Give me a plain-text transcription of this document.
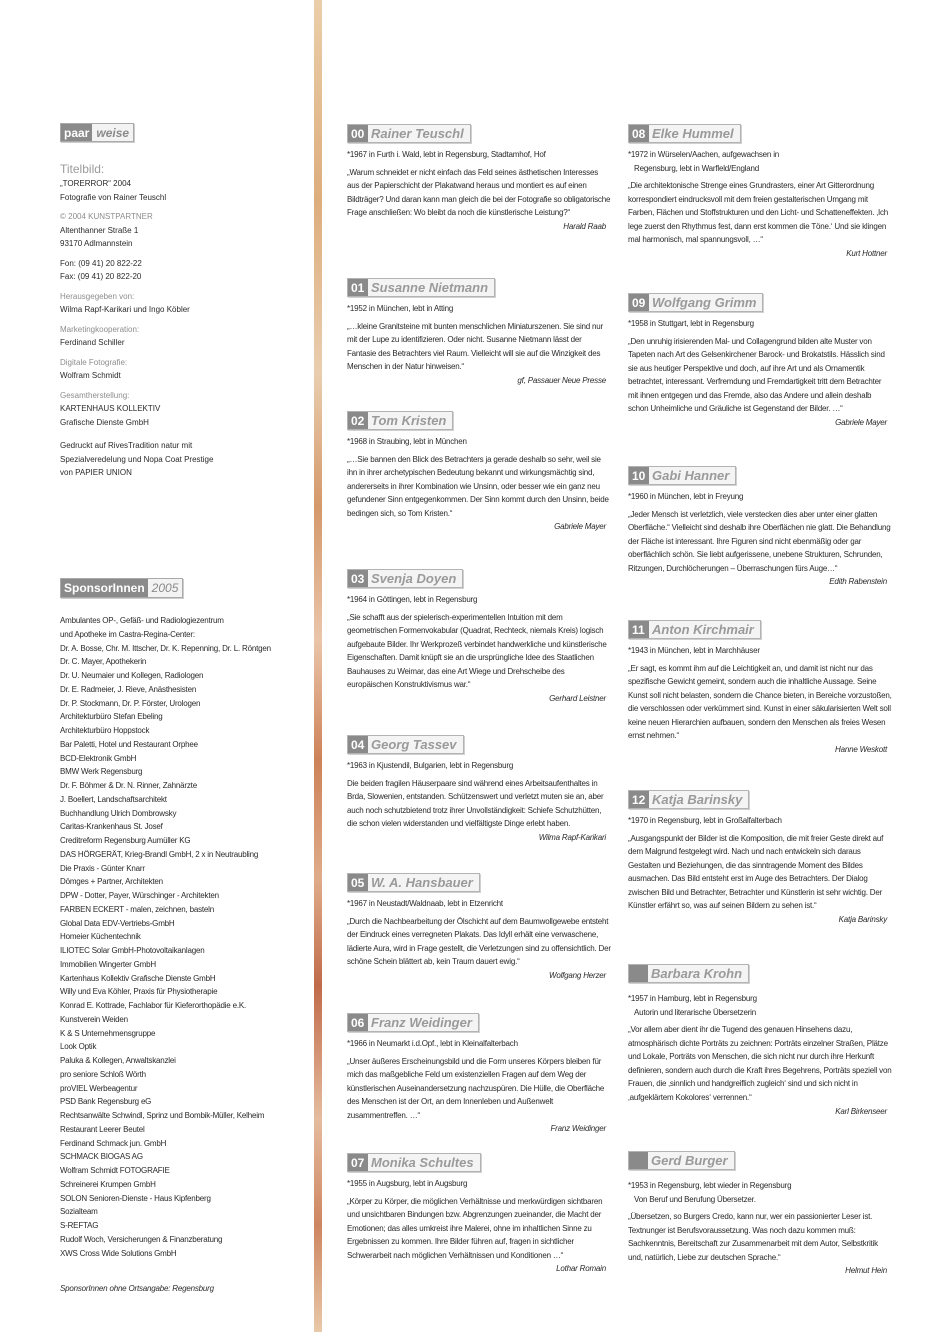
paar weise
Titelbild:
„TORERROR“ 2004
Fotografie von Rainer Teuschl
© 2004 KUNSTPARTNER
Altenthanner Straße 1
93170 Adlmannstein
Fon: (09 41) 20 822-22
Fax: (09 41) 20 822-20
Herausgegeben von:
Wilma Rapf-Karikari und Ingo Köbler
Marketingkooperation:
Ferdinand Schiller
Digitale Fotografie:
Wolfram Schmidt
Gesamtherstellung:
KARTENHAUS KOLLEKTIV
Grafische Dienste GmbH
Gedruckt auf RivesTradition natur mit
Spezialveredelung und Nopa Coat Prestige
von PAPIER UNION
SponsorInnen 2005
Ambulantes OP-, Gefäß- und Radiologiezentrum
und Apotheke im Castra-Regina-Center:
Dr. A. Bosse, Chr. M. Ittscher, Dr. K. Repenning, Dr. L. Röntgen
Dr. C. Mayer, Apothekerin
Dr. U. Neumaier und Kollegen, Radiologen
Dr. E. Radmeier, J. Rieve, Anästhesisten
Dr. P. Stockmann, Dr. P. Förster, Urologen
Architekturbüro Stefan Ebeling
Architekturbüro Hoppstock
Bar Paletti, Hotel und Restaurant Orphee
BCD-Elektronik GmbH
BMW Werk Regensburg
Dr. F. Böhmer & Dr. N. Rinner, Zahnärzte
J. Boellert, Landschaftsarchitekt
Buchhandlung Ulrich Dombrowsky
Caritas-Krankenhaus St. Josef
Creditreform Regensburg Aumüller KG
DAS HÖRGERÄT, Krieg-Brandl GmbH, 2 x in Neutraubling
Die Praxis - Günter Knarr
Dömges + Partner, Architekten
DPW - Dotter, Payer, Würschinger - Architekten
FARBEN ECKERT - malen, zeichnen, basteln
Global Data EDV-Vertriebs-GmbH
Homeier Küchentechnik
ILIOTEC Solar GmbH-Photovoltaikanlagen
Immobilien Wingerter GmbH
Kartenhaus Kollektiv Grafische Dienste GmbH
Willy und Eva Köhler, Praxis für Physiotherapie
Konrad E. Kottrade, Fachlabor für Kieferorthopädie e.K.
Kunstverein Weiden
K & S Unternehmensgruppe
Look Optik
Paluka & Kollegen, Anwaltskanzlei
pro seniore Schloß Wörth
proVIEL Werbeagentur
PSD Bank Regensburg eG
Rechtsanwälte Schwindl, Sprinz und Bombik-Müller, Kelheim
Restaurant Leerer Beutel
Ferdinand Schmack jun. GmbH
SCHMACK BIOGAS AG
Wolfram Schmidt FOTOGRAFIE
Schreinerei Krumpen GmbH
SOLON Senioren-Dienste - Haus Kipfenberg
Sozialteam
S-REFTAG
Rudolf Woch, Versicherungen & Finanzberatung
XWS Cross Wide Solutions GmbH
SponsorInnen ohne Ortsangabe: Regensburg
00 Rainer Teuschl
*1967 in Furth i. Wald, lebt in Regensburg, Stadtamhof, Hof
„Warum schneidet er nicht einfach das Feld seines ästhetischen Interesses aus der Papierschicht der Plakatwand heraus und montiert es auf einen Bildträger? Und daran kann man gleich die bei der Fotografie so obligatorische Frage anschließen: Wo bleibt da noch die künstlerische Leistung?“
Harald Raab
01 Susanne Nietmann
*1952 in München, lebt in Atting
„…kleine Granitsteine mit bunten menschlichen Miniaturszenen. Sie sind nur mit der Lupe zu identifizieren. Oder nicht. Susanne Nietmann lässt der Fantasie des Betrachters viel Raum. Vielleicht will sie auf die Winzigkeit des Menschen in der Natur hinweisen.“
gf, Passauer Neue Presse
02 Tom Kristen
*1968 in Straubing, lebt in München
„…Sie bannen den Blick des Betrachters ja gerade deshalb so sehr, weil sie ihn in ihrer archetypischen Bedeutung bekannt und wirkungsmächtig sind, andererseits in ihrer Kombination wie Unsinn, oder besser wie ein ganz neu gefundener Sinn entgegenkommen. Der Sinn kommt durch den Unsinn, beide bedingen sich, so Tom Kristen.“
Gabriele Mayer
03 Svenja Doyen
*1964 in Göttingen, lebt in Regensburg
„Sie schafft aus der spielerisch-experimentellen Intuition mit dem geometrischen Formenvokabular (Quadrat, Rechteck, niemals Kreis) logisch aufgebaute Bilder. Ihr Werkprozeß verbindet handwerkliche und künstlerische Eigenschaften. Damit knüpft sie an die ursprüngliche Idee des Staatlichen Bauhauses zu Weimar, das eine Art Wiege und Drehscheibe des europäischen Konstruktivismus war.“
Gerhard Leistner
04 Georg Tassev
*1963 in Kjustendil, Bulgarien, lebt in Regensburg
Die beiden fragilen Häuserpaare sind während eines Arbeitsaufenthaltes in Brda, Slowenien, entstanden. Schützenswert und verletzt muten sie an, aber auch noch schutzbietend trotz ihrer Unvollständigkeit: Schiefe Schutzhütten, die schon vielen widerstanden und vielfältigste Dinge erlebt haben.
Wilma Rapf-Karikari
05 W. A. Hansbauer
*1967 in Neustadt/Waldnaab, lebt in Etzenricht
„Durch die Nachbearbeitung der Ölschicht auf dem Baumwollgewebe entsteht der Eindruck eines verregneten Plakats. Das Idyll erhält eine verwaschene, lädierte Aura, wird in Frage gestellt, die Verletzungen sind zu offensichtlich. Der schöne Schein blättert ab, kein Traum dauert ewig.“
Wolfgang Herzer
06 Franz Weidinger
*1966 in Neumarkt i.d.Opf., lebt in Kleinalfalterbach
„Unser äußeres Erscheinungsbild und die Form unseres Körpers bleiben für mich das maßgebliche Feld um existenziellen Fragen auf dem Weg der künstlerischen Auseinandersetzung nachzuspüren. Die Hülle, die Oberfläche des Menschen ist der Ort, an dem Innenleben und Außenwelt zusammentreffen. …“
Franz Weidinger
07 Monika Schultes
*1955 in Augsburg, lebt in Augsburg
„Körper zu Körper, die möglichen Verhältnisse und merkwürdigen sichtbaren und unsichtbaren Bindungen bzw. Abgrenzungen zueinander, die Macht der Emotionen; das alles umkreist ihre Malerei, ohne im inhaltlichen Sinne zu Ergebnissen zu kommen. Ihre Bilder führen auf, fragen in sichtlicher Schwerarbeit nach möglichen Verhältnissen und Konditionen …“
Lothar Romain
08 Elke Hummel
*1972 in Würselen/Aachen, aufgewachsen in
Regensburg, lebt in Warfleld/England
„Die architektonische Strenge eines Grundrasters, einer Art Gitterordnung korrespondiert eindrucksvoll mit dem freien gestalterischen Umgang mit Farben, Flächen und Stoffstrukturen und den Licht- und Schatteneffekten. ‚Ich lege zuerst den Rhythmus fest, dann erst kommen die Töne.‘ Und sie klingen mal harmonisch, mal spannungsvoll, …“
Kurt Hottner
09 Wolfgang Grimm
*1958 in Stuttgart, lebt in Regensburg
„Den unruhig irisierenden Mal- und Collagengrund bilden alte Muster von Tapeten nach Art des Gelsenkirchener Barock- und Brokatstils. Hässlich sind sie aus heutiger Perspektive und doch, auf ihre Art und als Ornamentik betrachtet, interessant. Verfremdung und Fremdartigkeit tritt dem Betrachter mit ihnen entgegen und das Fremde, also das Andere und allein deshalb schon Unheimliche und Gräuliche ist Gegenstand der Bilder. …“
Gabriele Mayer
10 Gabi Hanner
*1960 in München, lebt in Freyung
„Jeder Mensch ist verletzlich, viele verstecken dies aber unter einer glatten Oberfläche.“ Vielleicht sind deshalb ihre Oberflächen nie glatt. Die Behandlung der Fläche ist interessant. Ihre Figuren sind nicht ebenmäßig oder gar oberflächlich schön. Sie liebt aufgerissene, unebene Strukturen, Schrunden, Ritzungen, Durchlöcherungen – Überraschungen fürs Auge…“
Edith Rabenstein
11 Anton Kirchmair
*1943 in München, lebt in Marchhäuser
„Er sagt, es kommt ihm auf die Leichtigkeit an, und damit ist nicht nur das spezifische Gewicht gemeint, sondern auch die inhaltliche Aussage. Seine Kunst soll nicht belasten, sondern die Chance bieten, in Bereiche vorzustoßen, die verschlossen oder verkümmert sind. Kunst in einer säkularisierten Welt soll keine neuen Hierarchien aufbauen, sondern den Menschen als freies Wesen ernst nehmen.“
Hanne Weskott
12 Katja Barinsky
*1970 in Regensburg, lebt in Großalfalterbach
„Ausgangspunkt der Bilder ist die Komposition, die mit freier Geste direkt auf dem Malgrund festgelegt wird. Nach und nach entwickeln sich daraus Gestalten und Beziehungen, die das sinntragende Moment des Bildes ausmachen. Das Bild entsteht erst im Auge des Betrachters. Der Dialog zwischen Bild und Betrachter, Betrachter und Künstlerin ist sehr wichtig. Der Künstler erfährt so, was auf seinen Bildern zu sehen ist.“
Katja Barinsky
Barbara Krohn
*1957 in Hamburg, lebt in Regensburg
Autorin und literarische Übersetzerin
„Vor allem aber dient ihr die Tugend des genauen Hinsehens dazu, atmosphärisch dichte Porträts zu zeichnen: Porträts einzelner Straßen, Plätze und Lokale, Porträts von Menschen, die sich nicht nur durch ihre Herkunft definieren, sondern auch durch die Kraft ihres Begehrens, Porträts speziell von Frauen, die ‚sinnlich und handgreiflich zugleich‘ sind und sich nicht in ‚aufgeklärtem Kokolores‘ verrennen.“
Karl Birkenseer
Gerd Burger
*1953 in Regensburg, lebt wieder in Regensburg
Von Beruf und Berufung Übersetzer.
„Übersetzen, so Burgers Credo, kann nur, wer ein passionierter Leser ist. Textnunger ist Berufsvoraussetzung. Was noch dazu kommen muß: Sachkenntnis, Bereitschaft zur Zusammenarbeit mit dem Autor, Selbstkritik und, natürlich, Liebe zur deutschen Sprache.“
Helmut Hein
